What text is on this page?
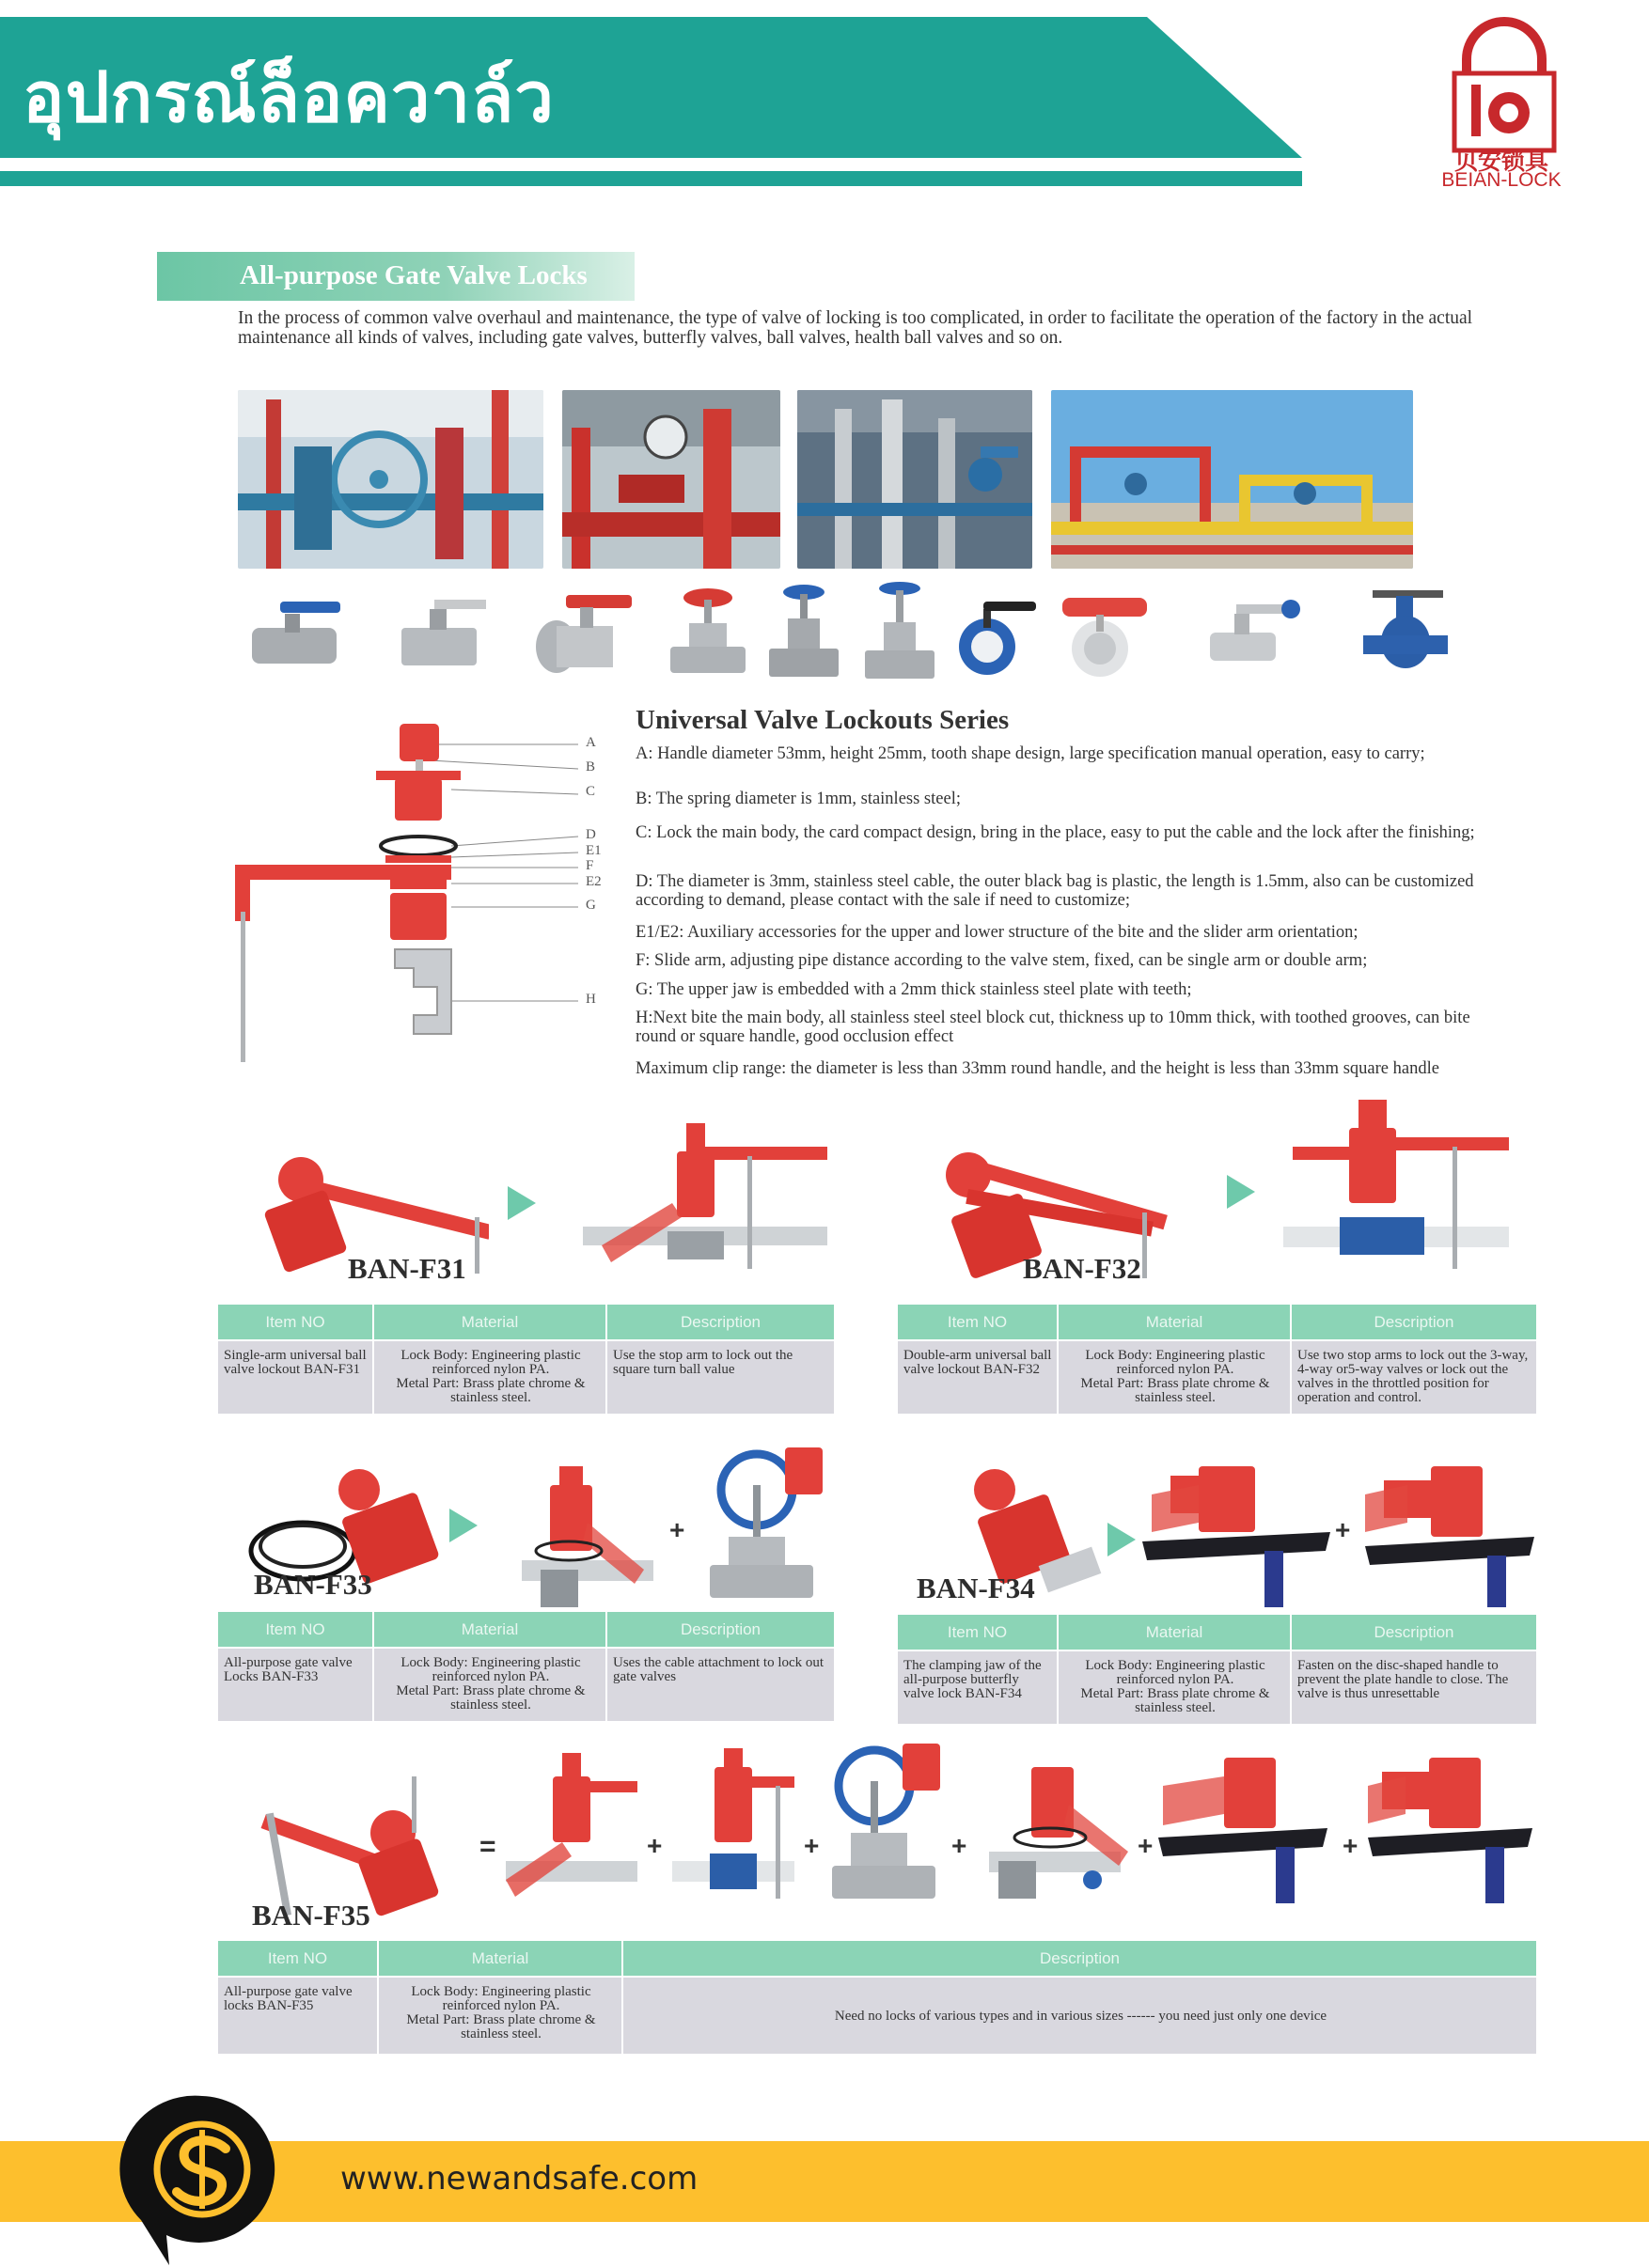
อุปกรณ์ล็อควาล์ว
贝安锁具
BEIAN-LOCK
All-purpose Gate Valve Locks
In the process of common valve overhaul and maintenance, the type of valve of locking is too complicated, in order to facilitate the operation of the factory in the actual maintenance all kinds of valves, including gate valves, butterfly valves, ball valves, health ball valves and so on.
A
B
C
D
E1
F
E2
G
H
Universal Valve Lockouts Series
A: Handle diameter 53mm, height 25mm, tooth shape design, large specification manual operation, easy to carry;
B: The spring diameter is 1mm, stainless steel;
C: Lock the main body, the card compact design, bring in the place, easy to put the cable and the lock after the finishing;
D: The diameter is 3mm, stainless steel cable, the outer black bag is plastic, the length is 1.5mm, also can be customized according to demand, please contact with the sale if need to customize;
E1/E2: Auxiliary accessories for the upper and lower structure of the bite and the slider arm orientation;
F: Slide arm, adjusting pipe distance according to the valve stem, fixed, can be single arm or double arm;
G: The upper jaw is embedded with a 2mm thick stainless steel plate with teeth;
H:Next bite the main body, all stainless steel steel block cut, thickness up to 10mm thick, with toothed grooves, can bite round or square handle, good occlusion effect
Maximum clip range: the diameter is less than 33mm round handle, and the height is less than 33mm square handle
BAN-F31
Item NO	Material	Description
Single-arm universal ball valve lockout BAN-F31	Lock Body: Engineering plastic
reinforced nylon PA.
Metal Part: Brass plate chrome &
stainless steel.	Use the stop arm to lock out the square turn ball value
BAN-F32
Item NO	Material	Description
Double-arm universal ball valve lockout BAN-F32	Lock Body: Engineering plastic
reinforced nylon PA.
Metal Part: Brass plate chrome &
stainless steel.	Use two stop arms to lock out the 3-way, 4-way or5-way valves or lock out the valves in the throttled position for operation and control.
+
BAN-F33
Item NO	Material	Description
All-purpose gate valve Locks BAN-F33	Lock Body: Engineering plastic
reinforced nylon PA.
Metal Part: Brass plate chrome &
stainless steel.	Uses the cable attachment to lock out gate valves
+
BAN-F34
Item NO	Material	Description
The clamping jaw of the all-purpose butterfly valve lock BAN-F34	Lock Body: Engineering plastic
reinforced nylon PA.
Metal Part: Brass plate chrome &
stainless steel.	Fasten on the disc-shaped handle to prevent the plate handle to close. The valve is thus unresettable
=	+	+	+	+	+
BAN-F35
Item NO	Material	Description
All-purpose gate valve locks BAN-F35	Lock Body: Engineering plastic
reinforced nylon PA.
Metal Part: Brass plate chrome &
stainless steel.	Need no locks of various types and in various sizes ------ you need just only one device
www.newandsafe.com
